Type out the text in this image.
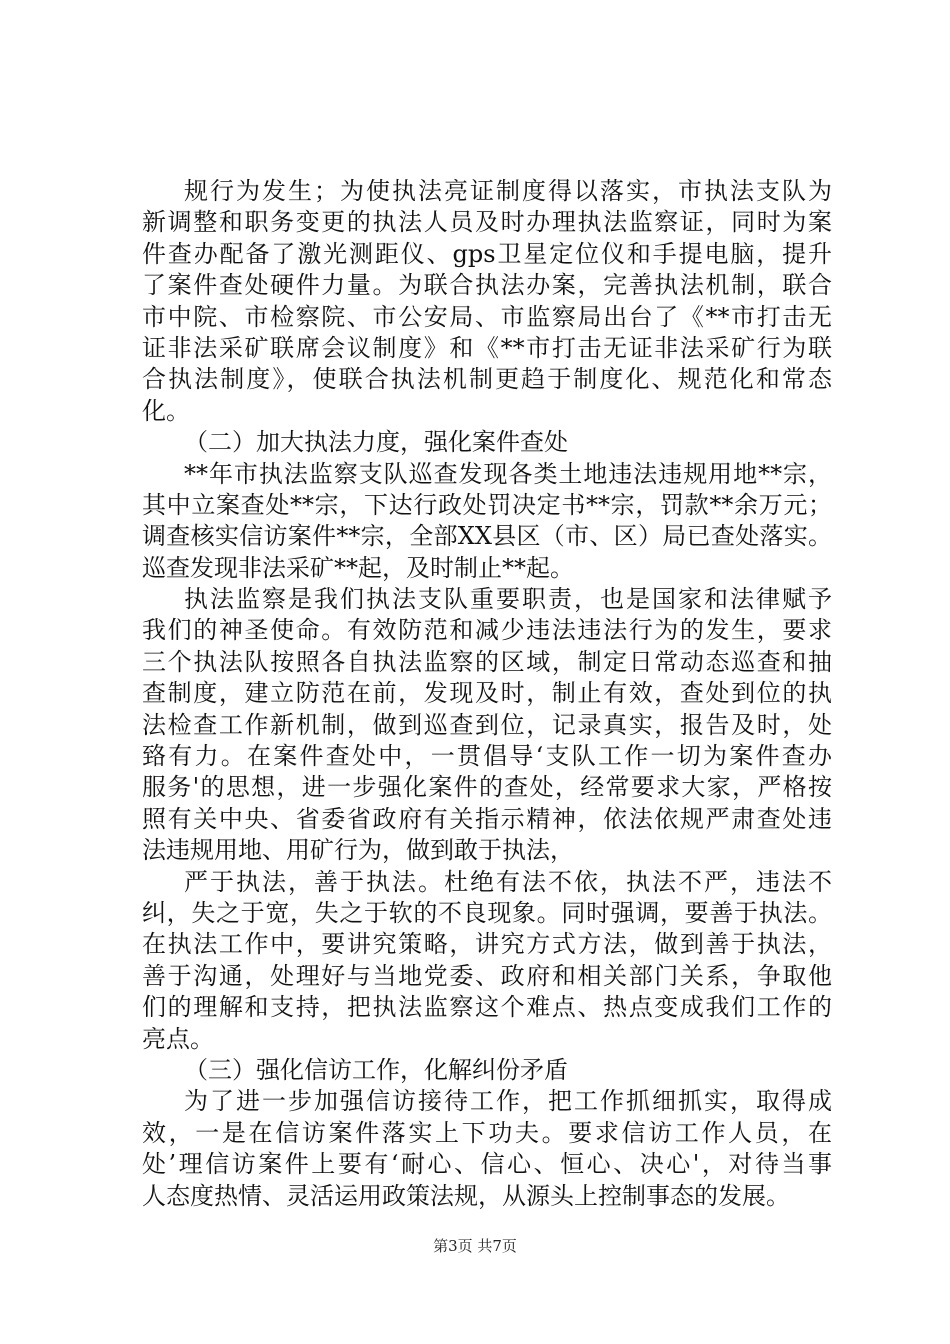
规行为发生；为使执法亮证制度得以落实，市执法支队为
新调整和职务变更的执法人员及时办理执法监察证，同时为案
件查办配备了激光测距仪、gps卫星定位仪和手提电脑，提升
了案件查处硬件力量。为联合执法办案，完善执法机制，联合
市中院、市检察院、市公安局、市监察局出台了《**市打击无
证非法采矿联席会议制度》和《**市打击无证非法采矿行为联
合执法制度》，使联合执法机制更趋于制度化、规范化和常态
化。
（二）加大执法力度，强化案件查处
**年市执法监察支队巡查发现各类土地违法违规用地**宗，
其中立案查处**宗，下达行政处罚决定书**宗，罚款**余万元；
调查核实信访案件**宗，全部XX县区（市、区）局已查处落实。
巡查发现非法采矿**起，及时制止**起。
执法监察是我们执法支队重要职责，也是国家和法律赋予
我们的神圣使命。有效防范和减少违法违法行为的发生，要求
三个执法队按照各自执法监察的区域，制定日常动态巡查和抽
查制度，建立防范在前，发现及时，制止有效，查处到位的执
法检查工作新机制，做到巡查到位，记录真实，报告及时，处
臵有力。在案件查处中，一贯倡导‘支队工作一切为案件查办
服务'的思想，进一步强化案件的查处，经常要求大家，严格按
照有关中央、省委省政府有关指示精神，依法依规严肃查处违
法违规用地、用矿行为，做到敢于执法，
严于执法，善于执法。杜绝有法不依，执法不严，违法不
纠，失之于宽，失之于软的不良现象。同时强调，要善于执法。
在执法工作中，要讲究策略，讲究方式方法，做到善于执法，
善于沟通，处理好与当地党委、政府和相关部门关系，争取他
们的理解和支持，把执法监察这个难点、热点变成我们工作的
亮点。
（三）强化信访工作，化解纠份矛盾
为了进一步加强信访接待工作，把工作抓细抓实，取得成
效，一是在信访案件落实上下功夫。要求信访工作人员，在
处’理信访案件上要有‘耐心、信心、恒心、决心'，对待当事
人态度热情、灵活运用政策法规，从源头上控制事态的发展。
第3页 共7页
